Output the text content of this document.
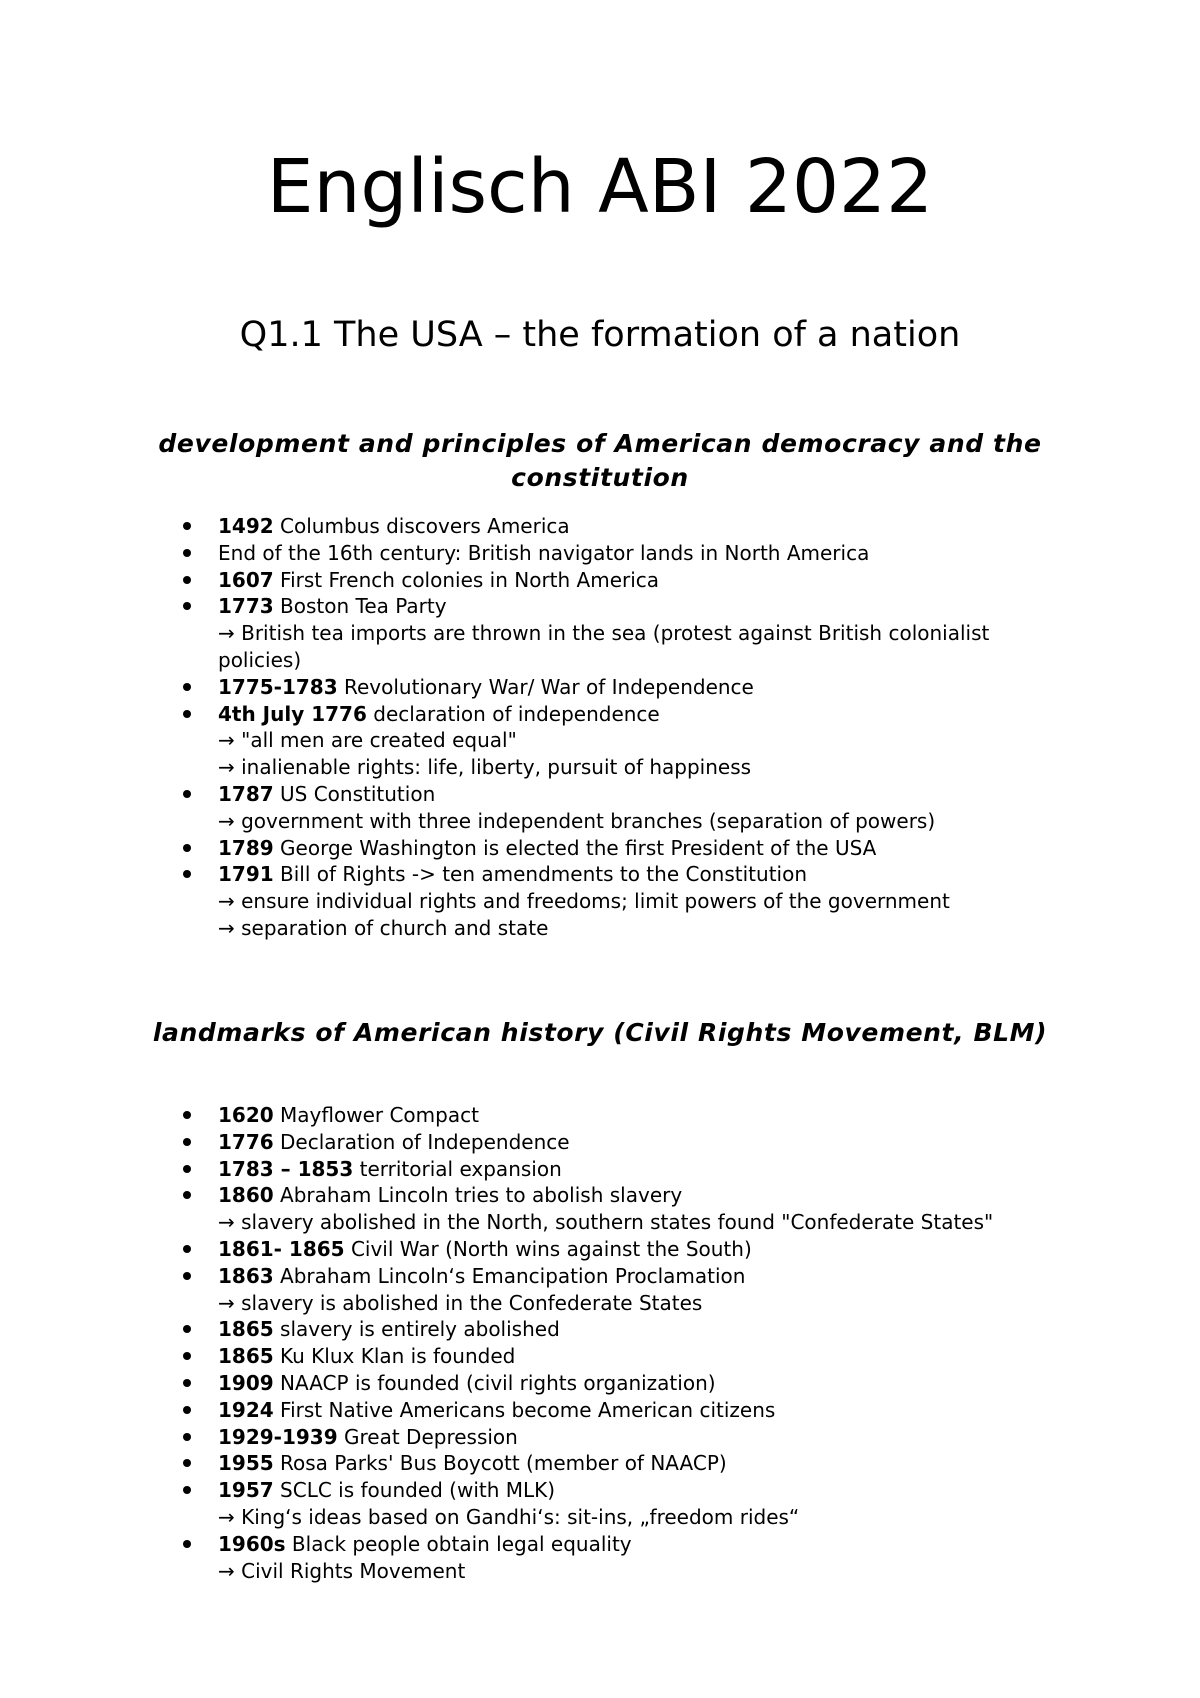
Englisch ABI 2022
Q1.1 The USA – the formation of a nation
development and principles of American democracy and the constitution
1492 Columbus discovers America
End of the 16th century: British navigator lands in North America
1607 First French colonies in North America
1773 Boston Tea Party
→ British tea imports are thrown in the sea (protest against British colonialist policies)
1775-1783 Revolutionary War/ War of Independence
4th July 1776 declaration of independence
→ "all men are created equal"
→ inalienable rights: life, liberty, pursuit of happiness
1787 US Constitution
→ government with three independent branches (separation of powers)
1789 George Washington is elected the first President of the USA
1791 Bill of Rights -> ten amendments to the Constitution
→ ensure individual rights and freedoms; limit powers of the government
→ separation of church and state
landmarks of American history (Civil Rights Movement, BLM)
1620 Mayflower Compact
1776 Declaration of Independence
1783 – 1853 territorial expansion
1860 Abraham Lincoln tries to abolish slavery
→ slavery abolished in the North, southern states found "Confederate States"
1861- 1865 Civil War (North wins against the South)
1863 Abraham Lincoln‘s Emancipation Proclamation
→ slavery is abolished in the Confederate States
1865 slavery is entirely abolished
1865 Ku Klux Klan is founded
1909 NAACP is founded (civil rights organization)
1924 First Native Americans become American citizens
1929-1939 Great Depression
1955 Rosa Parks' Bus Boycott (member of NAACP)
1957 SCLC is founded (with MLK)
→ King‘s ideas based on Gandhi‘s: sit-ins, „freedom rides“
1960s Black people obtain legal equality
→ Civil Rights Movement
